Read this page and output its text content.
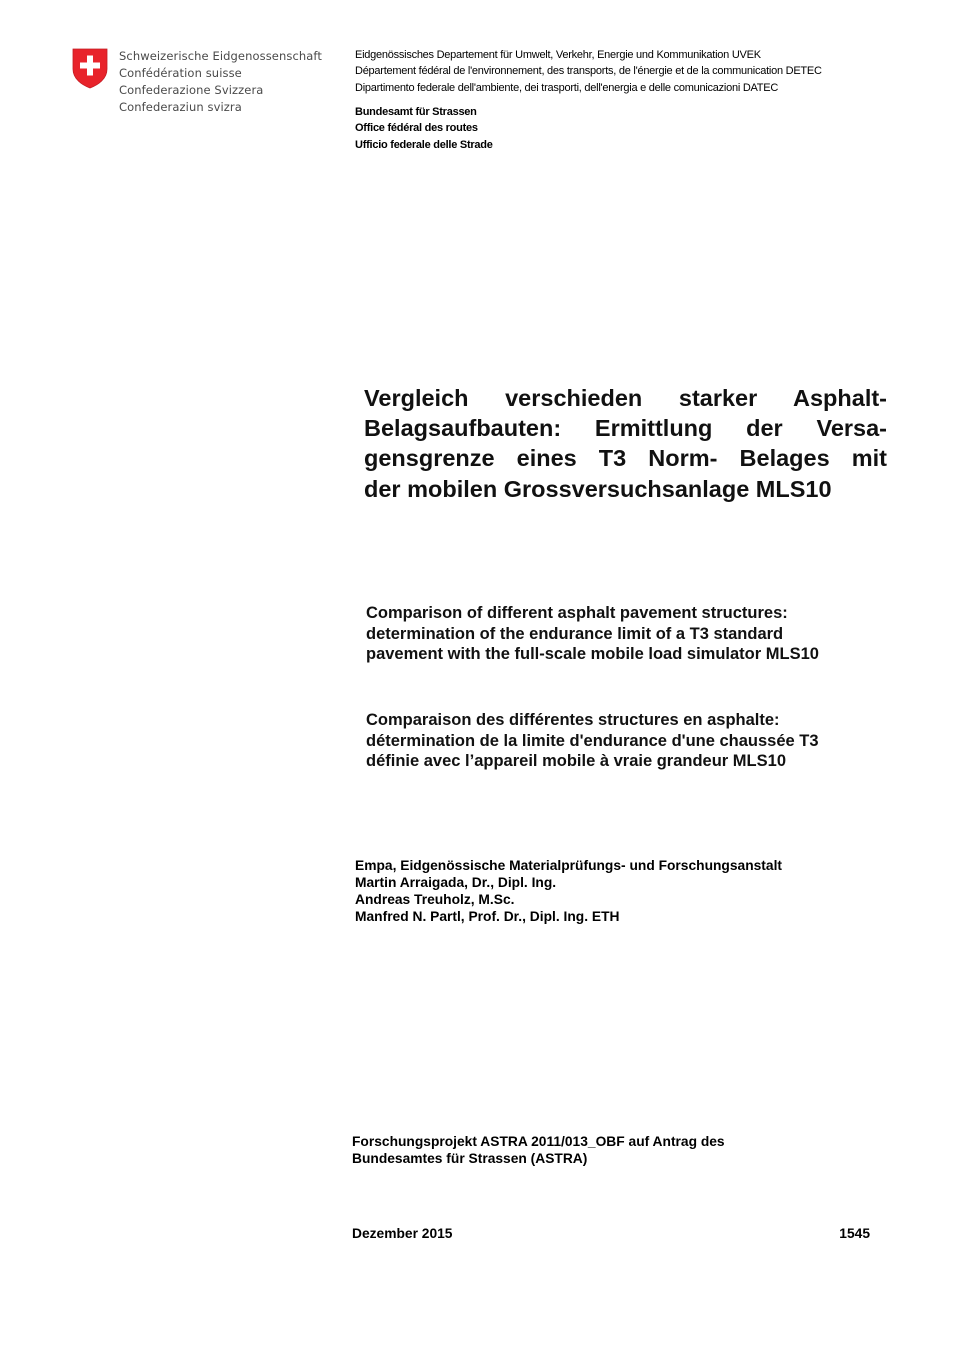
Schweizerische Eidgenossenschaft
Confédération suisse
Confederazione Svizzera
Confederaziun svizra
Eidgenössisches Departement für Umwelt, Verkehr, Energie und Kommunikation UVEK
Département fédéral de l'environnement, des transports, de l'énergie et de la communication DETEC
Dipartimento federale dell'ambiente, dei trasporti, dell'energia e delle comunicazioni DATEC
Bundesamt für Strassen
Office fédéral des routes
Ufficio federale delle Strade
Vergleich verschieden starker Asphalt-
Belagsaufbauten: Ermittlung der Versa-
gensgrenze eines T3 Norm- Belages mit
der mobilen Grossversuchsanlage MLS10
Comparison of different asphalt pavement structures:
determination of the endurance limit of a T3 standard
pavement with the full-scale mobile load simulator MLS10
Comparaison des différentes structures en asphalte:
détermination de la limite d'endurance d'une chaussée T3
définie avec l’appareil mobile à vraie grandeur MLS10
Empa, Eidgenössische Materialprüfungs- und Forschungsanstalt
Martin Arraigada, Dr., Dipl. Ing.
Andreas Treuholz, M.Sc.
Manfred N. Partl, Prof. Dr., Dipl. Ing. ETH
Forschungsprojekt ASTRA 2011/013_OBF auf Antrag des
Bundesamtes für Strassen (ASTRA)
Dezember 2015	1545
